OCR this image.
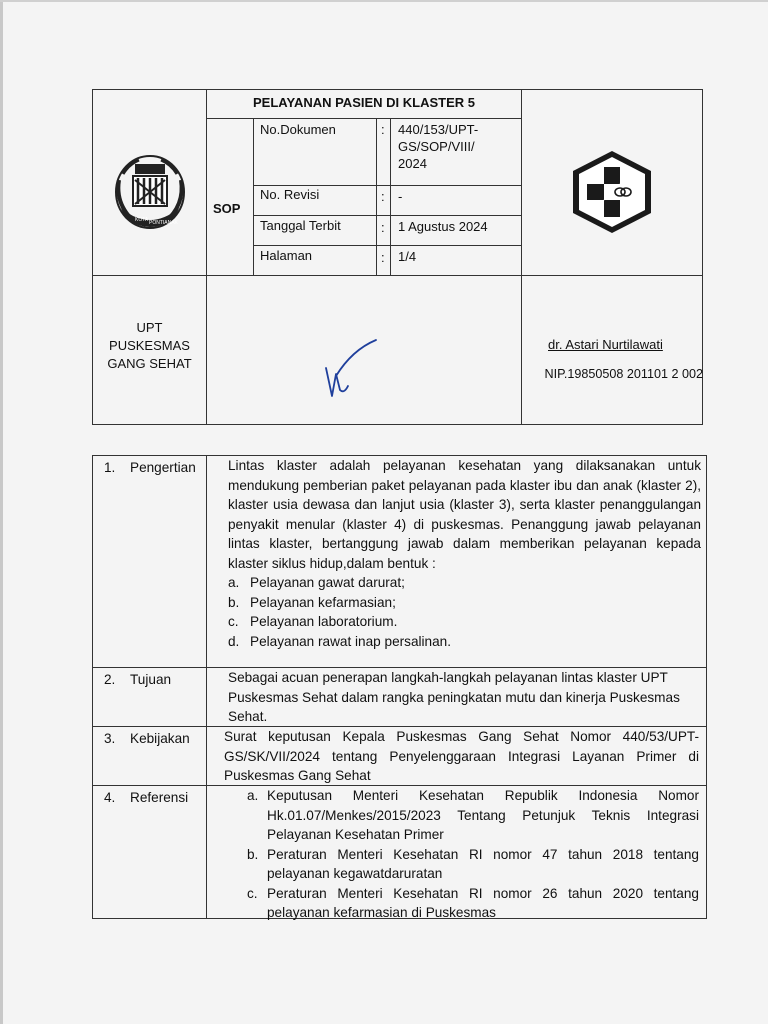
KOTA PONTIANAK
PELAYANAN PASIEN DI KLASTER 5
SOP
No.Dokumen	: 440/153/UPT-
GS/SOP/VIII/
2024
No. Revisi	: -
Tanggal Terbit	: 1 Agustus 2024
Halaman	: 1/4
UPT
PUSKESMAS
GANG SEHAT
dr. Astari Nurtilawati
NIP.19850508 201101 2 002
1. Pengertian Lintas klaster adalah pelayanan kesehatan yang dilaksanakan untuk mendukung pemberian paket pelayanan pada klaster ibu dan anak (klaster 2), klaster usia dewasa dan lanjut usia (klaster 3), serta klaster penanggulangan penyakit menular (klaster 4) di puskesmas. Penanggung jawab pelayanan lintas klaster, bertanggung jawab dalam memberikan pelayanan kepada klaster siklus hidup,dalam bentuk :

a. Pelayanan gawat darurat;
b. Pelayanan kefarmasian;
c. Pelayanan laboratorium.
d. Pelayanan rawat inap persalinan.
2. Tujuan	Sebagai acuan penerapan langkah-langkah pelayanan lintas klaster UPT Puskesmas Sehat dalam rangka peningkatan mutu dan kinerja Puskesmas Sehat.
3. Kebijakan	Surat keputusan Kepala Puskesmas Gang Sehat Nomor 440/53/UPT-GS/SK/VII/2024 tentang Penyelenggaraan Integrasi Layanan Primer di Puskesmas Gang Sehat
4. Referensi	a. Keputusan Menteri Kesehatan Republik Indonesia Nomor Hk.01.07/Menkes/2015/2023 Tentang Petunjuk Teknis Integrasi Pelayanan Kesehatan Primer
b. Peraturan Menteri Kesehatan RI nomor 47 tahun 2018 tentang pelayanan kegawatdaruratan
c. Peraturan Menteri Kesehatan RI nomor 26 tahun 2020 tentang pelayanan kefarmasian di Puskesmas
